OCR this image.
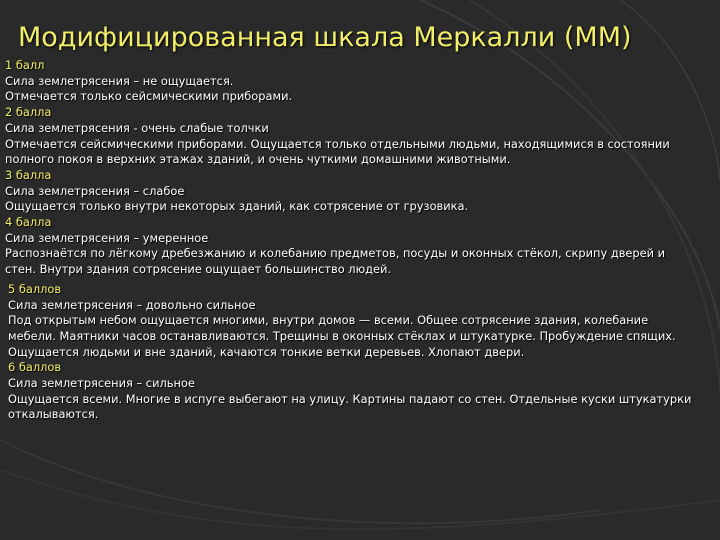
Модифицированная шкала Меркалли (ММ)
1 балл
Сила землетрясения – не ощущается.
Отмечается только сейсмическими приборами.
2 балла
Сила землетрясения - очень слабые толчки
Отмечается сейсмическими приборами. Ощущается только отдельными людьми, находящимися в состоянии полного покоя в верхних этажах зданий, и очень чуткими домашними животными.
3 балла
Сила землетрясения – слабое
Ощущается только внутри некоторых зданий, как сотрясение от грузовика.
4 балла
Сила землетрясения – умеренное
Распознаётся по лёгкому дребезжанию и колебанию предметов, посуды и оконных стёкол, скрипу дверей и стен. Внутри здания сотрясение ощущает большинство людей.
5 баллов
Сила землетрясения – довольно сильное
Под открытым небом ощущается многими, внутри домов — всеми. Общее сотрясение здания, колебание мебели. Маятники часов останавливаются. Трещины в оконных стёклах и штукатурке. Пробуждение спящих. Ощущается людьми и вне зданий, качаются тонкие ветки деревьев. Хлопают двери.
6 баллов
Сила землетрясения – сильное
Ощущается всеми. Многие в испуге выбегают на улицу. Картины падают со стен. Отдельные куски штукатурки откалываются.
